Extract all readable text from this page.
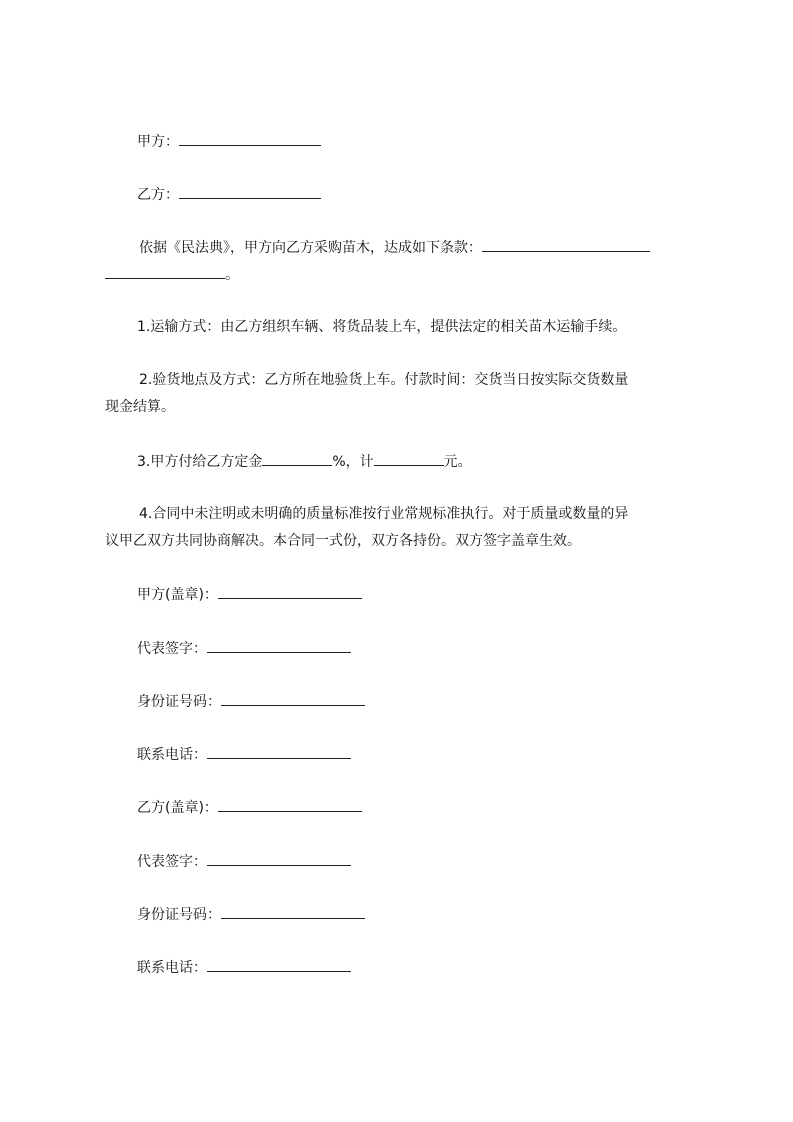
甲方：
乙方：
依据《民法典》，甲方向乙方采购苗木，达成如下条款：
。
1.运输方式：由乙方组织车辆、将货品装上车，提供法定的相关苗木运输手续。
2.验货地点及方式：乙方所在地验货上车。付款时间：交货当日按实际交货数量
现金结算。
3.甲方付给乙方定金	%，计	元。
4.合同中未注明或未明确的质量标准按行业常规标准执行。对于质量或数量的异
议甲乙双方共同协商解决。本合同一式份，双方各持份。双方签字盖章生效。
甲方(盖章)：
代表签字：
身份证号码：
联系电话：
乙方(盖章)：
代表签字：
身份证号码：
联系电话：
